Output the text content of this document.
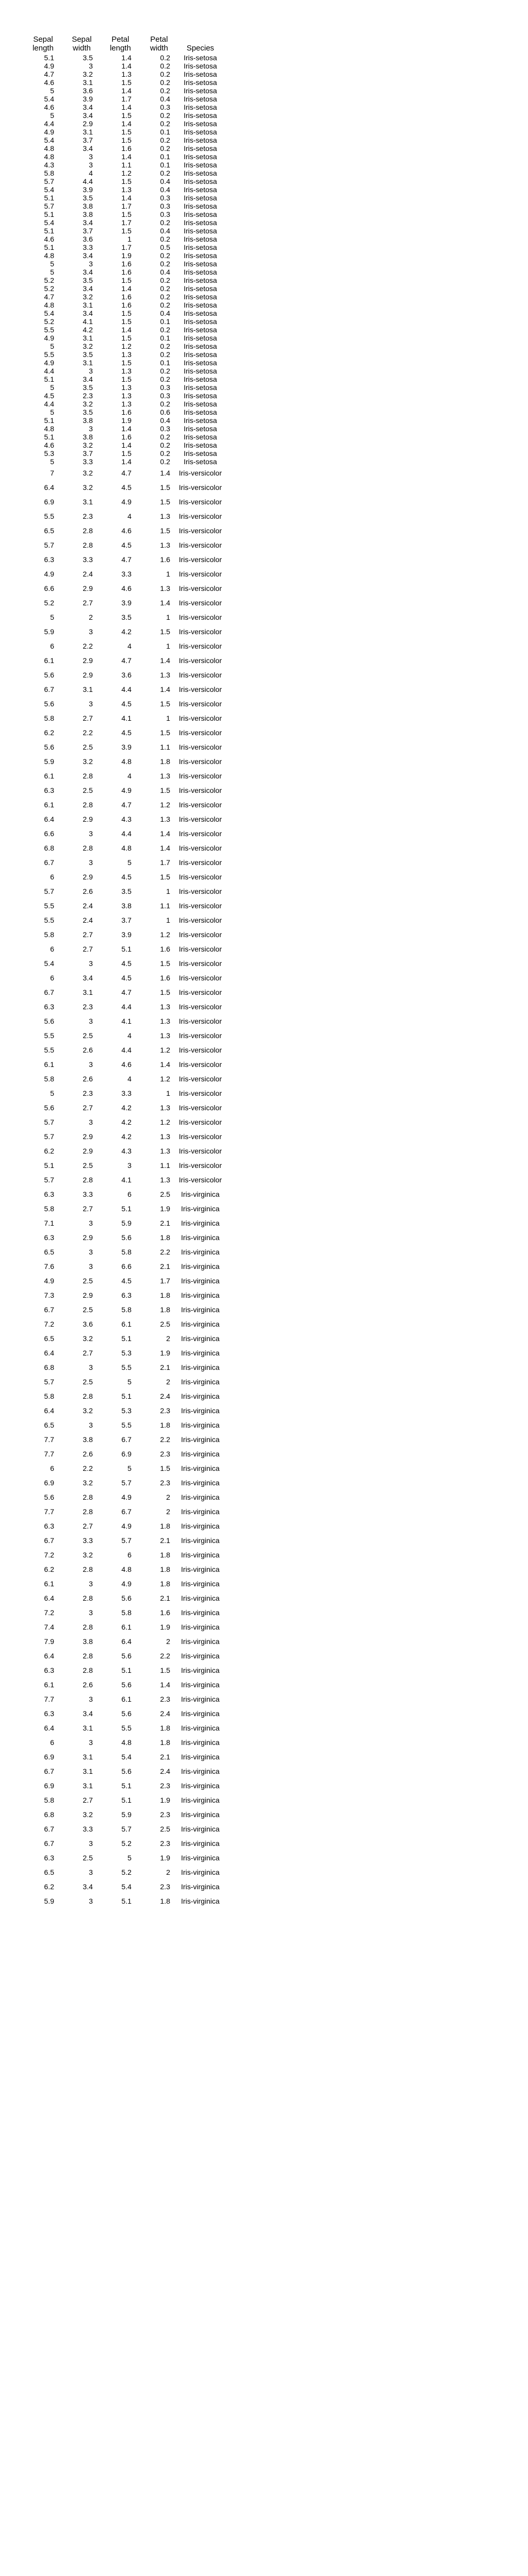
Sepal length	Sepal width	Petal length	Petal width	Species
5.1	3.5	1.4	0.2	Iris-setosa
4.9	3	1.4	0.2	Iris-setosa
4.7	3.2	1.3	0.2	Iris-setosa
4.6	3.1	1.5	0.2	Iris-setosa
5	3.6	1.4	0.2	Iris-setosa
5.4	3.9	1.7	0.4	Iris-setosa
4.6	3.4	1.4	0.3	Iris-setosa
5	3.4	1.5	0.2	Iris-setosa
4.4	2.9	1.4	0.2	Iris-setosa
4.9	3.1	1.5	0.1	Iris-setosa
5.4	3.7	1.5	0.2	Iris-setosa
4.8	3.4	1.6	0.2	Iris-setosa
4.8	3	1.4	0.1	Iris-setosa
4.3	3	1.1	0.1	Iris-setosa
5.8	4	1.2	0.2	Iris-setosa
5.7	4.4	1.5	0.4	Iris-setosa
5.4	3.9	1.3	0.4	Iris-setosa
5.1	3.5	1.4	0.3	Iris-setosa
5.7	3.8	1.7	0.3	Iris-setosa
5.1	3.8	1.5	0.3	Iris-setosa
5.4	3.4	1.7	0.2	Iris-setosa
5.1	3.7	1.5	0.4	Iris-setosa
4.6	3.6	1	0.2	Iris-setosa
5.1	3.3	1.7	0.5	Iris-setosa
4.8	3.4	1.9	0.2	Iris-setosa
5	3	1.6	0.2	Iris-setosa
5	3.4	1.6	0.4	Iris-setosa
5.2	3.5	1.5	0.2	Iris-setosa
5.2	3.4	1.4	0.2	Iris-setosa
4.7	3.2	1.6	0.2	Iris-setosa
4.8	3.1	1.6	0.2	Iris-setosa
5.4	3.4	1.5	0.4	Iris-setosa
5.2	4.1	1.5	0.1	Iris-setosa
5.5	4.2	1.4	0.2	Iris-setosa
4.9	3.1	1.5	0.1	Iris-setosa
5	3.2	1.2	0.2	Iris-setosa
5.5	3.5	1.3	0.2	Iris-setosa
4.9	3.1	1.5	0.1	Iris-setosa
4.4	3	1.3	0.2	Iris-setosa
5.1	3.4	1.5	0.2	Iris-setosa
5	3.5	1.3	0.3	Iris-setosa
4.5	2.3	1.3	0.3	Iris-setosa
4.4	3.2	1.3	0.2	Iris-setosa
5	3.5	1.6	0.6	Iris-setosa
5.1	3.8	1.9	0.4	Iris-setosa
4.8	3	1.4	0.3	Iris-setosa
5.1	3.8	1.6	0.2	Iris-setosa
4.6	3.2	1.4	0.2	Iris-setosa
5.3	3.7	1.5	0.2	Iris-setosa
5	3.3	1.4	0.2	Iris-setosa
7	3.2	4.7	1.4	Iris-versicolor
6.4	3.2	4.5	1.5	Iris-versicolor
6.9	3.1	4.9	1.5	Iris-versicolor
5.5	2.3	4	1.3	Iris-versicolor
6.5	2.8	4.6	1.5	Iris-versicolor
5.7	2.8	4.5	1.3	Iris-versicolor
6.3	3.3	4.7	1.6	Iris-versicolor
4.9	2.4	3.3	1	Iris-versicolor
6.6	2.9	4.6	1.3	Iris-versicolor
5.2	2.7	3.9	1.4	Iris-versicolor
5	2	3.5	1	Iris-versicolor
5.9	3	4.2	1.5	Iris-versicolor
6	2.2	4	1	Iris-versicolor
6.1	2.9	4.7	1.4	Iris-versicolor
5.6	2.9	3.6	1.3	Iris-versicolor
6.7	3.1	4.4	1.4	Iris-versicolor
5.6	3	4.5	1.5	Iris-versicolor
5.8	2.7	4.1	1	Iris-versicolor
6.2	2.2	4.5	1.5	Iris-versicolor
5.6	2.5	3.9	1.1	Iris-versicolor
5.9	3.2	4.8	1.8	Iris-versicolor
6.1	2.8	4	1.3	Iris-versicolor
6.3	2.5	4.9	1.5	Iris-versicolor
6.1	2.8	4.7	1.2	Iris-versicolor
6.4	2.9	4.3	1.3	Iris-versicolor
6.6	3	4.4	1.4	Iris-versicolor
6.8	2.8	4.8	1.4	Iris-versicolor
6.7	3	5	1.7	Iris-versicolor
6	2.9	4.5	1.5	Iris-versicolor
5.7	2.6	3.5	1	Iris-versicolor
5.5	2.4	3.8	1.1	Iris-versicolor
5.5	2.4	3.7	1	Iris-versicolor
5.8	2.7	3.9	1.2	Iris-versicolor
6	2.7	5.1	1.6	Iris-versicolor
5.4	3	4.5	1.5	Iris-versicolor
6	3.4	4.5	1.6	Iris-versicolor
6.7	3.1	4.7	1.5	Iris-versicolor
6.3	2.3	4.4	1.3	Iris-versicolor
5.6	3	4.1	1.3	Iris-versicolor
5.5	2.5	4	1.3	Iris-versicolor
5.5	2.6	4.4	1.2	Iris-versicolor
6.1	3	4.6	1.4	Iris-versicolor
5.8	2.6	4	1.2	Iris-versicolor
5	2.3	3.3	1	Iris-versicolor
5.6	2.7	4.2	1.3	Iris-versicolor
5.7	3	4.2	1.2	Iris-versicolor
5.7	2.9	4.2	1.3	Iris-versicolor
6.2	2.9	4.3	1.3	Iris-versicolor
5.1	2.5	3	1.1	Iris-versicolor
5.7	2.8	4.1	1.3	Iris-versicolor
6.3	3.3	6	2.5	Iris-virginica
5.8	2.7	5.1	1.9	Iris-virginica
7.1	3	5.9	2.1	Iris-virginica
6.3	2.9	5.6	1.8	Iris-virginica
6.5	3	5.8	2.2	Iris-virginica
7.6	3	6.6	2.1	Iris-virginica
4.9	2.5	4.5	1.7	Iris-virginica
7.3	2.9	6.3	1.8	Iris-virginica
6.7	2.5	5.8	1.8	Iris-virginica
7.2	3.6	6.1	2.5	Iris-virginica
6.5	3.2	5.1	2	Iris-virginica
6.4	2.7	5.3	1.9	Iris-virginica
6.8	3	5.5	2.1	Iris-virginica
5.7	2.5	5	2	Iris-virginica
5.8	2.8	5.1	2.4	Iris-virginica
6.4	3.2	5.3	2.3	Iris-virginica
6.5	3	5.5	1.8	Iris-virginica
7.7	3.8	6.7	2.2	Iris-virginica
7.7	2.6	6.9	2.3	Iris-virginica
6	2.2	5	1.5	Iris-virginica
6.9	3.2	5.7	2.3	Iris-virginica
5.6	2.8	4.9	2	Iris-virginica
7.7	2.8	6.7	2	Iris-virginica
6.3	2.7	4.9	1.8	Iris-virginica
6.7	3.3	5.7	2.1	Iris-virginica
7.2	3.2	6	1.8	Iris-virginica
6.2	2.8	4.8	1.8	Iris-virginica
6.1	3	4.9	1.8	Iris-virginica
6.4	2.8	5.6	2.1	Iris-virginica
7.2	3	5.8	1.6	Iris-virginica
7.4	2.8	6.1	1.9	Iris-virginica
7.9	3.8	6.4	2	Iris-virginica
6.4	2.8	5.6	2.2	Iris-virginica
6.3	2.8	5.1	1.5	Iris-virginica
6.1	2.6	5.6	1.4	Iris-virginica
7.7	3	6.1	2.3	Iris-virginica
6.3	3.4	5.6	2.4	Iris-virginica
6.4	3.1	5.5	1.8	Iris-virginica
6	3	4.8	1.8	Iris-virginica
6.9	3.1	5.4	2.1	Iris-virginica
6.7	3.1	5.6	2.4	Iris-virginica
6.9	3.1	5.1	2.3	Iris-virginica
5.8	2.7	5.1	1.9	Iris-virginica
6.8	3.2	5.9	2.3	Iris-virginica
6.7	3.3	5.7	2.5	Iris-virginica
6.7	3	5.2	2.3	Iris-virginica
6.3	2.5	5	1.9	Iris-virginica
6.5	3	5.2	2	Iris-virginica
6.2	3.4	5.4	2.3	Iris-virginica
5.9	3	5.1	1.8	Iris-virginica
